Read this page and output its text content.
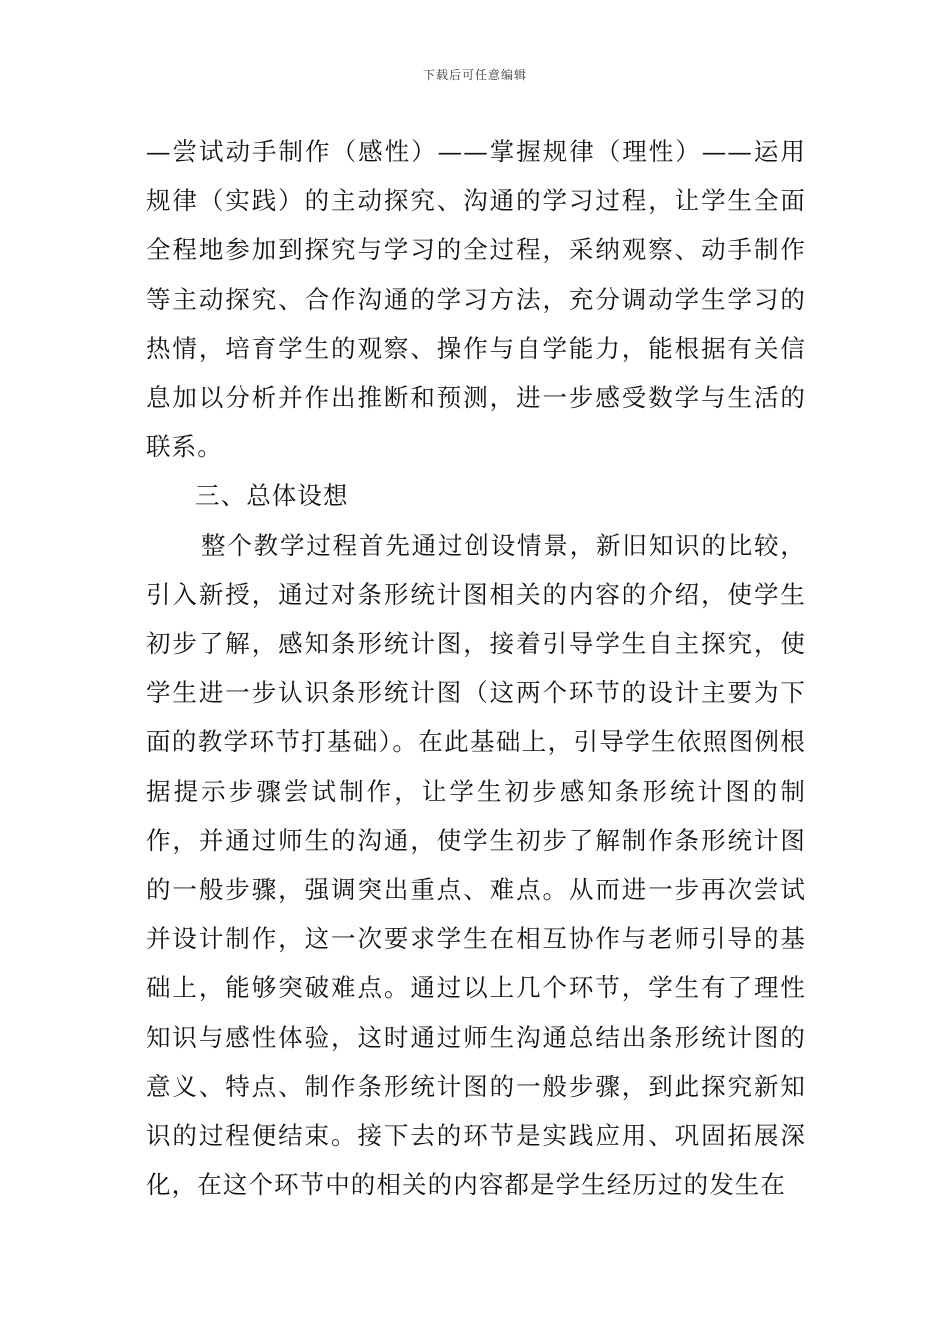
下载后可任意编辑

—尝试动手制作（感性）——掌握规律（理性）——运用规律（实践）的主动探究、沟通的学习过程，让学生全面全程地参加到探究与学习的全过程，采纳观察、动手制作等主动探究、合作沟通的学习方法，充分调动学生学习的热情，培育学生的观察、操作与自学能力，能根据有关信息加以分析并作出推断和预测，进一步感受数学与生活的联系。

三、总体设想

整个教学过程首先通过创设情景，新旧知识的比较，引入新授，通过对条形统计图相关的内容的介绍，使学生初步了解，感知条形统计图，接着引导学生自主探究，使学生进一步认识条形统计图（这两个环节的设计主要为下面的教学环节打基础）。在此基础上，引导学生依照图例根据提示步骤尝试制作，让学生初步感知条形统计图的制作，并通过师生的沟通，使学生初步了解制作条形统计图的一般步骤，强调突出重点、难点。从而进一步再次尝试并设计制作，这一次要求学生在相互协作与老师引导的基础上，能够突破难点。通过以上几个环节，学生有了理性知识与感性体验，这时通过师生沟通总结出条形统计图的意义、特点、制作条形统计图的一般步骤，到此探究新知识的过程便结束。接下去的环节是实践应用、巩固拓展深化，在这个环节中的相关的内容都是学生经历过的发生在
